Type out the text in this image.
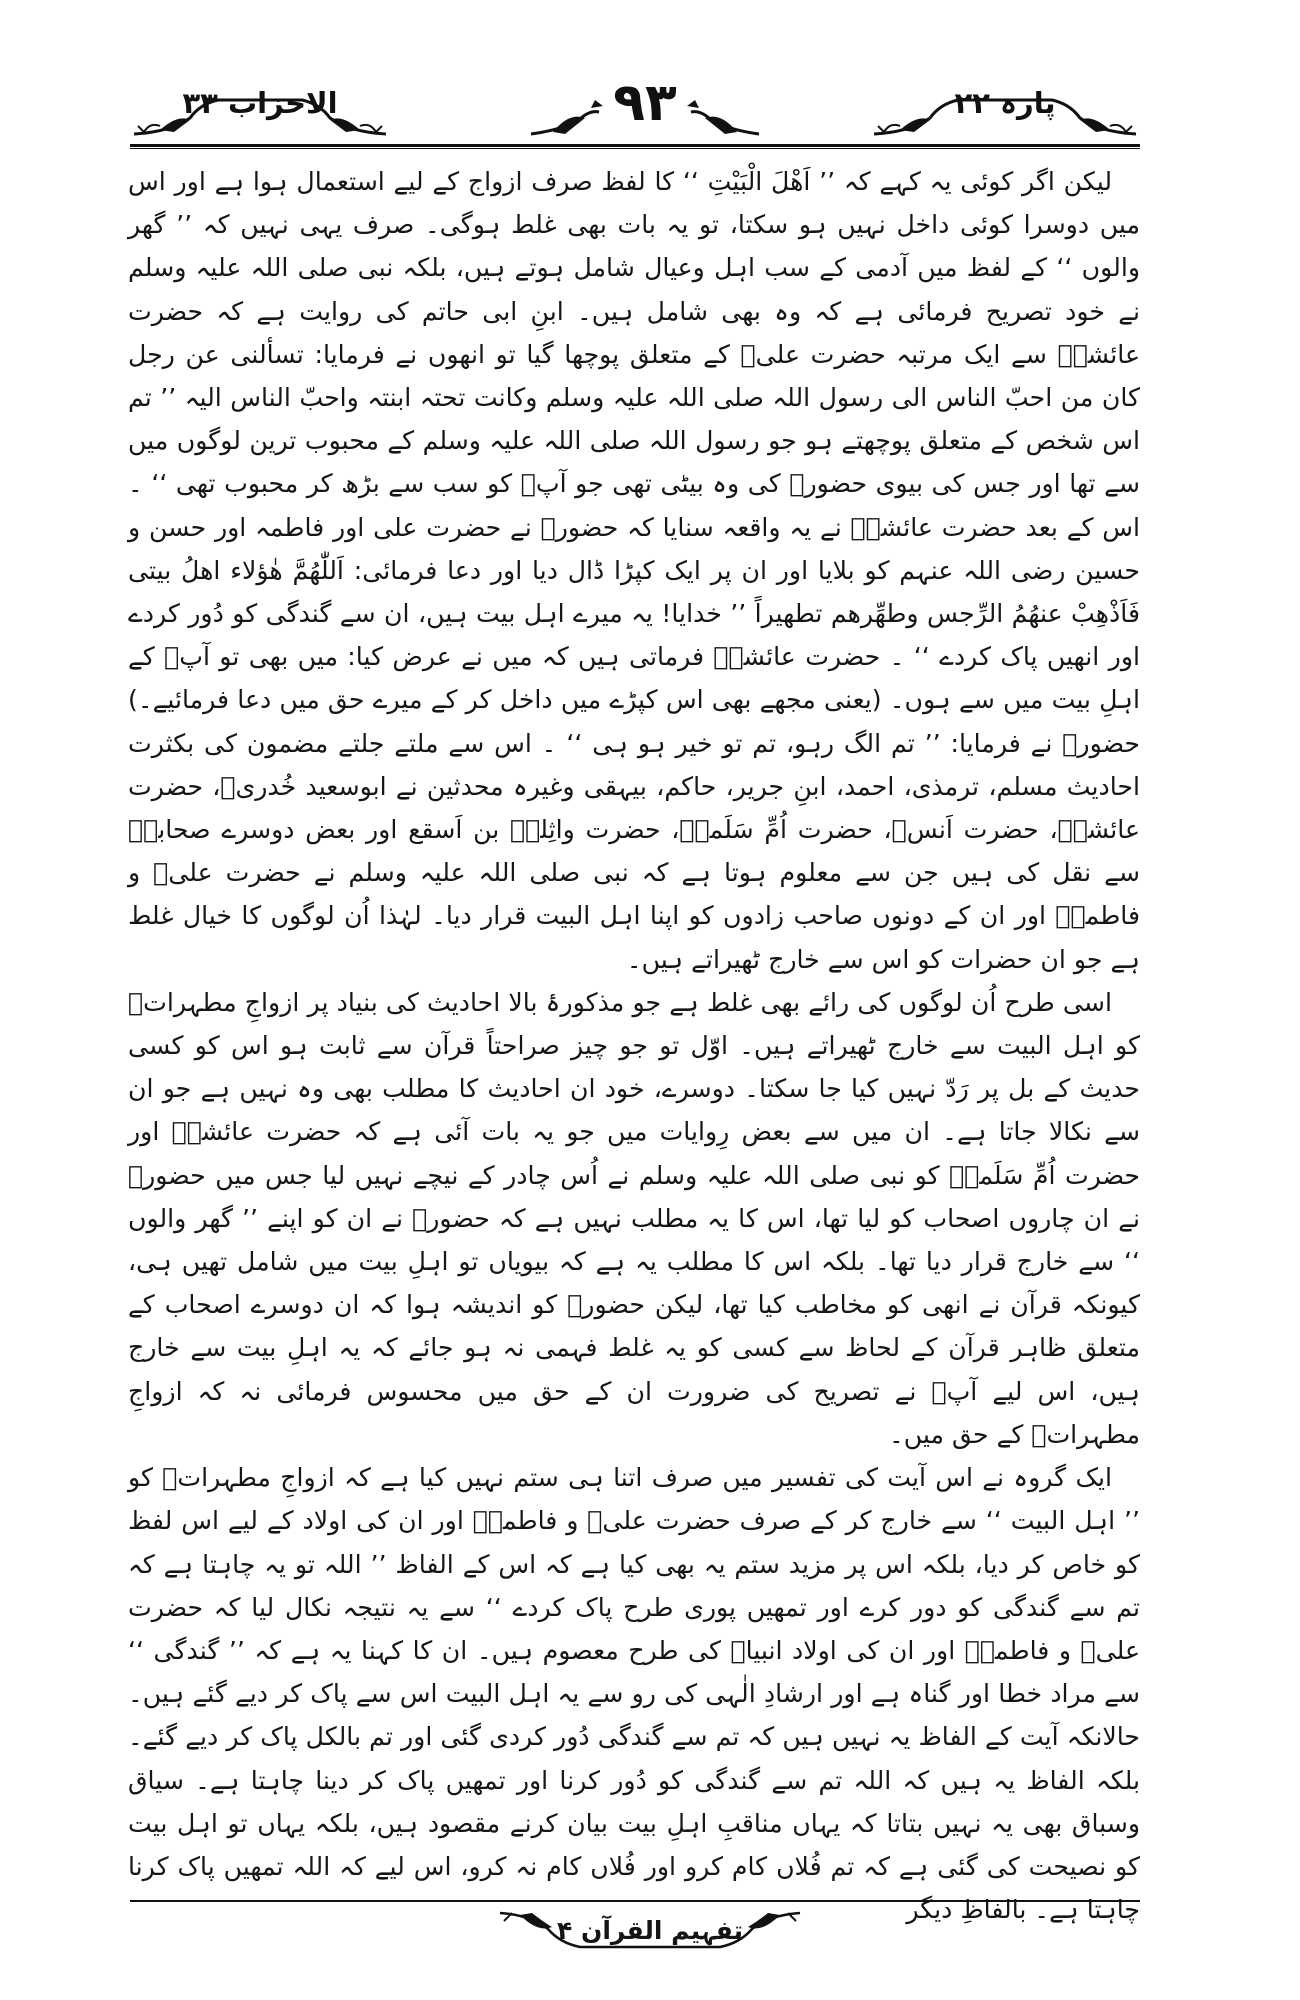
الاحزاب ۳۳	۹۳	پارہ ۲۲

لیکن اگر کوئی یہ کہے کہ ’’ اَھْلَ الْبَیْتِ ‘‘ کا لفظ صرف ازواج کے لیے استعمال ہوا ہے اور اس میں دوسرا کوئی داخل نہیں ہو سکتا، تو یہ بات بھی غلط ہوگی۔ صرف یہی نہیں کہ ’’ گھر والوں ‘‘ کے لفظ میں آدمی کے سب اہل وعیال شامل ہوتے ہیں، بلکہ نبی صلی اللہ علیہ وسلم نے خود تصریح فرمائی ہے کہ وہ بھی شامل ہیں۔ ابنِ ابی حاتم کی روایت ہے کہ حضرت عائشہؓ سے ایک مرتبہ حضرت علیؓ کے متعلق پوچھا گیا تو انھوں نے فرمایا: تسألنی عن رجل کان من احبّ الناس الی رسول اللہ صلی اللہ علیہ وسلم وکانت تحتہ ابنتہ واحبّ الناس الیہ ’’ تم اس شخص کے متعلق پوچھتے ہو جو رسول اللہ صلی اللہ علیہ وسلم کے محبوب ترین لوگوں میں سے تھا اور جس کی بیوی حضورؐ کی وہ بیٹی تھی جو آپؐ کو سب سے بڑھ کر محبوب تھی ‘‘ ۔ اس کے بعد حضرت عائشہؓ نے یہ واقعہ سنایا کہ حضورؐ نے حضرت علی اور فاطمہ اور حسن و حسین رضی اللہ عنہم کو بلایا اور ان پر ایک کپڑا ڈال دیا اور دعا فرمائی: اَللّٰھُمَّ ھٰؤلاء اھلُ بیتی فَاَذْھِبْ عنھُمُ الرِّجس وطھِّرھم تطھیراً ’’ خدایا! یہ میرے اہل بیت ہیں، ان سے گندگی کو دُور کردے اور انھیں پاک کردے ‘‘ ۔ حضرت عائشہؓ فرماتی ہیں کہ میں نے عرض کیا: میں بھی تو آپؐ کے اہلِ بیت میں سے ہوں۔ (یعنی مجھے بھی اس کپڑے میں داخل کر کے میرے حق میں دعا فرمائیے۔) حضورؐ نے فرمایا: ’’ تم الگ رہو، تم تو خیر ہو ہی ‘‘ ۔ اس سے ملتے جلتے مضمون کی بکثرت احادیث مسلم، ترمذی، احمد، ابنِ جریر، حاکم، بیہقی وغیرہ محدثین نے ابوسعید خُدریؓ، حضرت عائشہؓ، حضرت اَنسؓ، حضرت اُمِّ سَلَمہؓ، حضرت واثِلہؓ بن اَسقع اور بعض دوسرے صحابہؓ سے نقل کی ہیں جن سے معلوم ہوتا ہے کہ نبی صلی اللہ علیہ وسلم نے حضرت علیؓ و فاطمہؓ اور ان کے دونوں صاحب زادوں کو اپنا اہل البیت قرار دیا۔ لہٰذا اُن لوگوں کا خیال غلط ہے جو ان حضرات کو اس سے خارج ٹھیراتے ہیں۔

اسی طرح اُن لوگوں کی رائے بھی غلط ہے جو مذکورۂ بالا احادیث کی بنیاد پر ازواجِ مطہراتؓ کو اہل البیت سے خارج ٹھیراتے ہیں۔ اوّل تو جو چیز صراحتاً قرآن سے ثابت ہو اس کو کسی حدیث کے بل پر رَدّ نہیں کیا جا سکتا۔ دوسرے، خود ان احادیث کا مطلب بھی وہ نہیں ہے جو ان سے نکالا جاتا ہے۔ ان میں سے بعض رِوایات میں جو یہ بات آئی ہے کہ حضرت عائشہؓ اور حضرت اُمِّ سَلَمہؓ کو نبی صلی اللہ علیہ وسلم نے اُس چادر کے نیچے نہیں لیا جس میں حضورؐ نے ان چاروں اصحاب کو لیا تھا، اس کا یہ مطلب نہیں ہے کہ حضورؐ نے ان کو اپنے ’’ گھر والوں ‘‘ سے خارج قرار دیا تھا۔ بلکہ اس کا مطلب یہ ہے کہ بیویاں تو اہلِ بیت میں شامل تھیں ہی، کیونکہ قرآن نے انھی کو مخاطب کیا تھا، لیکن حضورؐ کو اندیشہ ہوا کہ ان دوسرے اصحاب کے متعلق ظاہر قرآن کے لحاظ سے کسی کو یہ غلط فہمی نہ ہو جائے کہ یہ اہلِ بیت سے خارج ہیں، اس لیے آپؐ نے تصریح کی ضرورت ان کے حق میں محسوس فرمائی نہ کہ ازواجِ مطہراتؓ کے حق میں۔

ایک گروہ نے اس آیت کی تفسیر میں صرف اتنا ہی ستم نہیں کیا ہے کہ ازواجِ مطہراتؓ کو ’’ اہل البیت ‘‘ سے خارج کر کے صرف حضرت علیؓ و فاطمہؓ اور ان کی اولاد کے لیے اس لفظ کو خاص کر دیا، بلکہ اس پر مزید ستم یہ بھی کیا ہے کہ اس کے الفاظ ’’ اللہ تو یہ چاہتا ہے کہ تم سے گندگی کو دور کرے اور تمھیں پوری طرح پاک کردے ‘‘ سے یہ نتیجہ نکال لیا کہ حضرت علیؓ و فاطمہؓ اور ان کی اولاد انبیاؑ کی طرح معصوم ہیں۔ ان کا کہنا یہ ہے کہ ’’ گندگی ‘‘ سے مراد خطا اور گناہ ہے اور ارشادِ الٰہی کی رو سے یہ اہل البیت اس سے پاک کر دیے گئے ہیں۔ حالانکہ آیت کے الفاظ یہ نہیں ہیں کہ تم سے گندگی دُور کردی گئی اور تم بالکل پاک کر دیے گئے۔ بلکہ الفاظ یہ ہیں کہ اللہ تم سے گندگی کو دُور کرنا اور تمھیں پاک کر دینا چاہتا ہے۔ سیاق وسباق بھی یہ نہیں بتاتا کہ یہاں مناقبِ اہلِ بیت بیان کرنے مقصود ہیں، بلکہ یہاں تو اہل بیت کو نصیحت کی گئی ہے کہ تم فُلاں کام کرو اور فُلاں کام نہ کرو، اس لیے کہ اللہ تمھیں پاک کرنا چاہتا ہے۔ بالفاظِ دیگر

تفہیم القرآن ۴
